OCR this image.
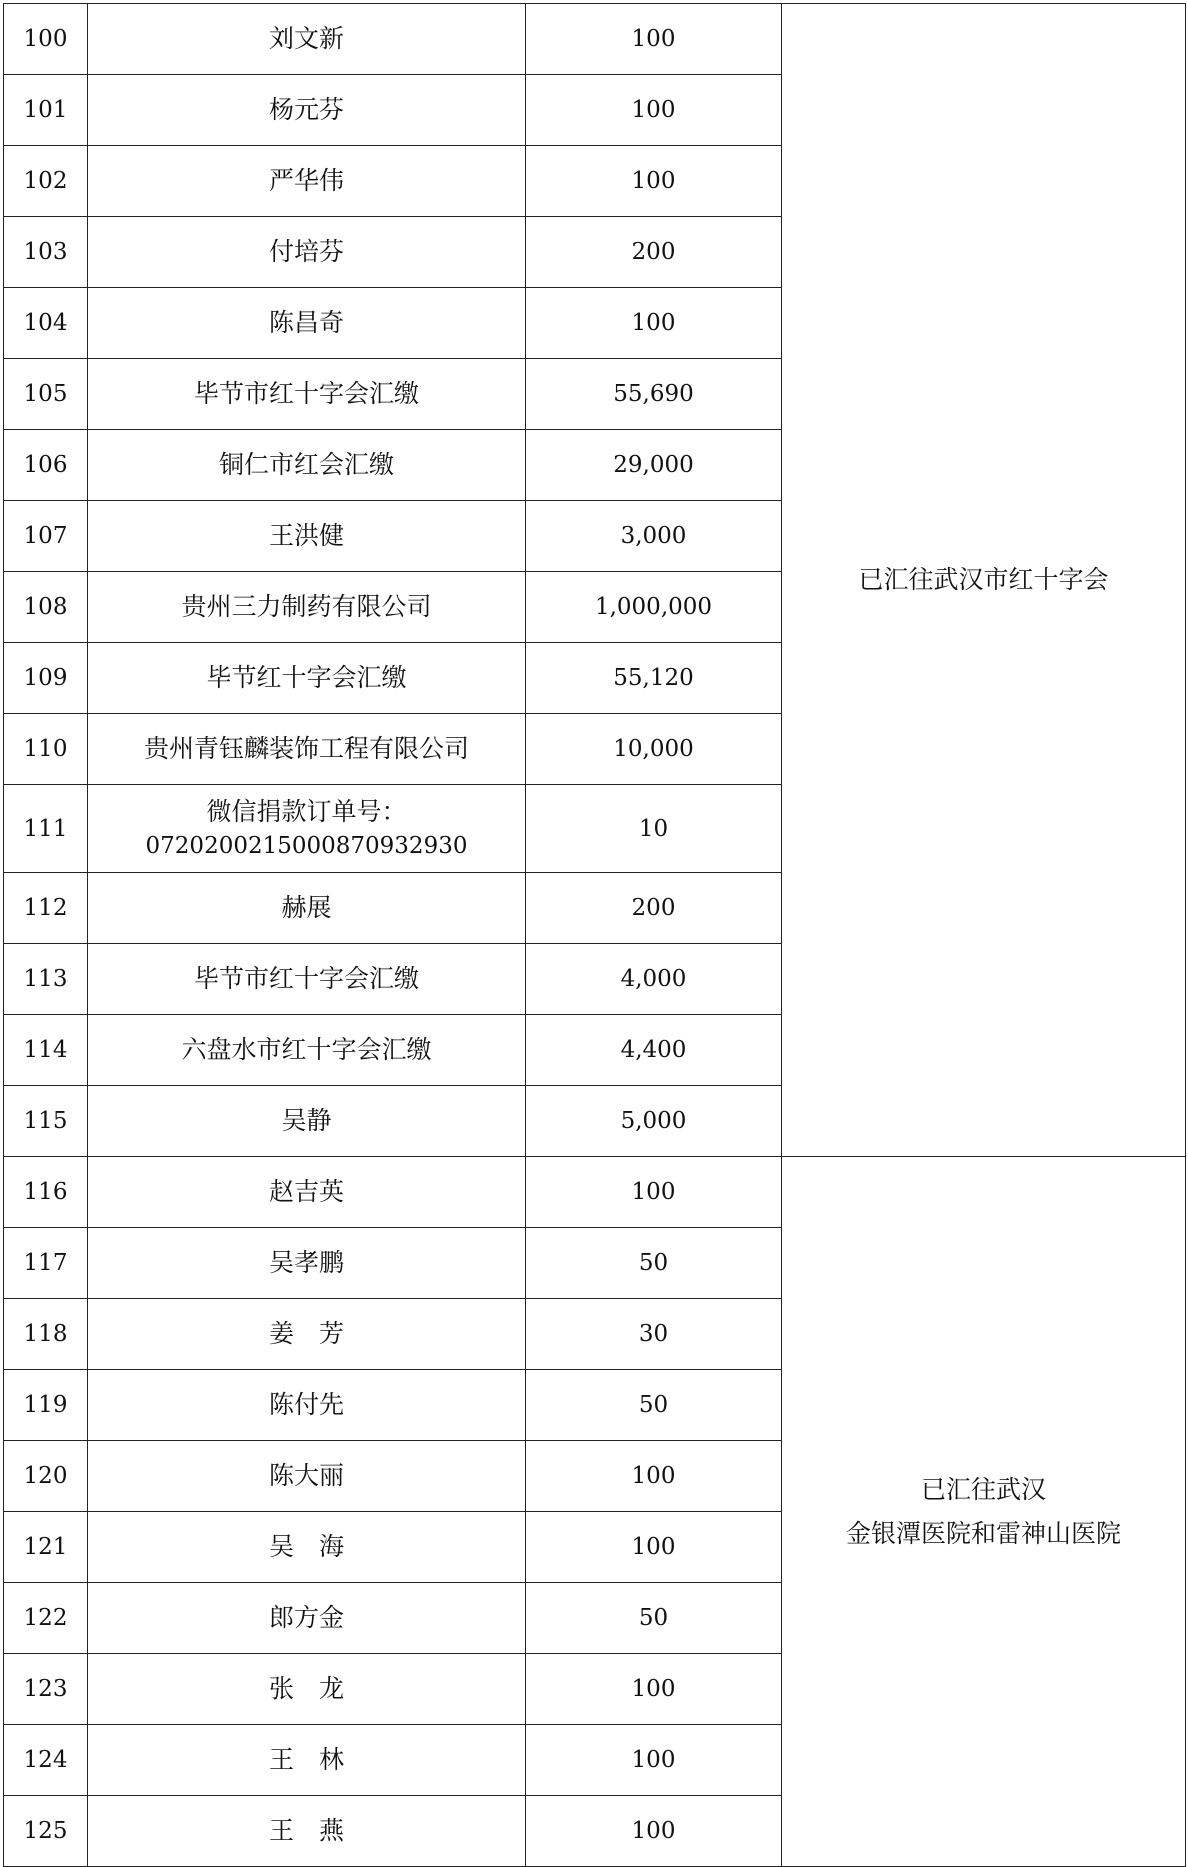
100	刘文新	100	已汇往武汉市红十字会

101	杨元芬	100	
102	严华伟	100	
103	付培芬	200	
104	陈昌奇	100	
105	毕节市红十字会汇缴	55,690	
106	铜仁市红会汇缴	29,000	
107	王洪健	3,000	
108	贵州三力制药有限公司	1,000,000	
109	毕节红十字会汇缴	55,120	
110	贵州青钰麟装饰工程有限公司	10,000	
111	微信捐款订单号：
0720200215000870932930	10	
112	赫展	200	
113	毕节市红十字会汇缴	4,000	
114	六盘水市红十字会汇缴	4,400	
115	吴静	5,000	
116	赵吉英	100	已汇往武汉
金银潭医院和雷神山医院

117	吴孝鹏	50	
118	姜　芳	30	
119	陈付先	50	
120	陈大丽	100	
121	吴　海	100	
122	郎方金	50	
123	张　龙	100	
124	王　林	100	
125	王　燕	100	
